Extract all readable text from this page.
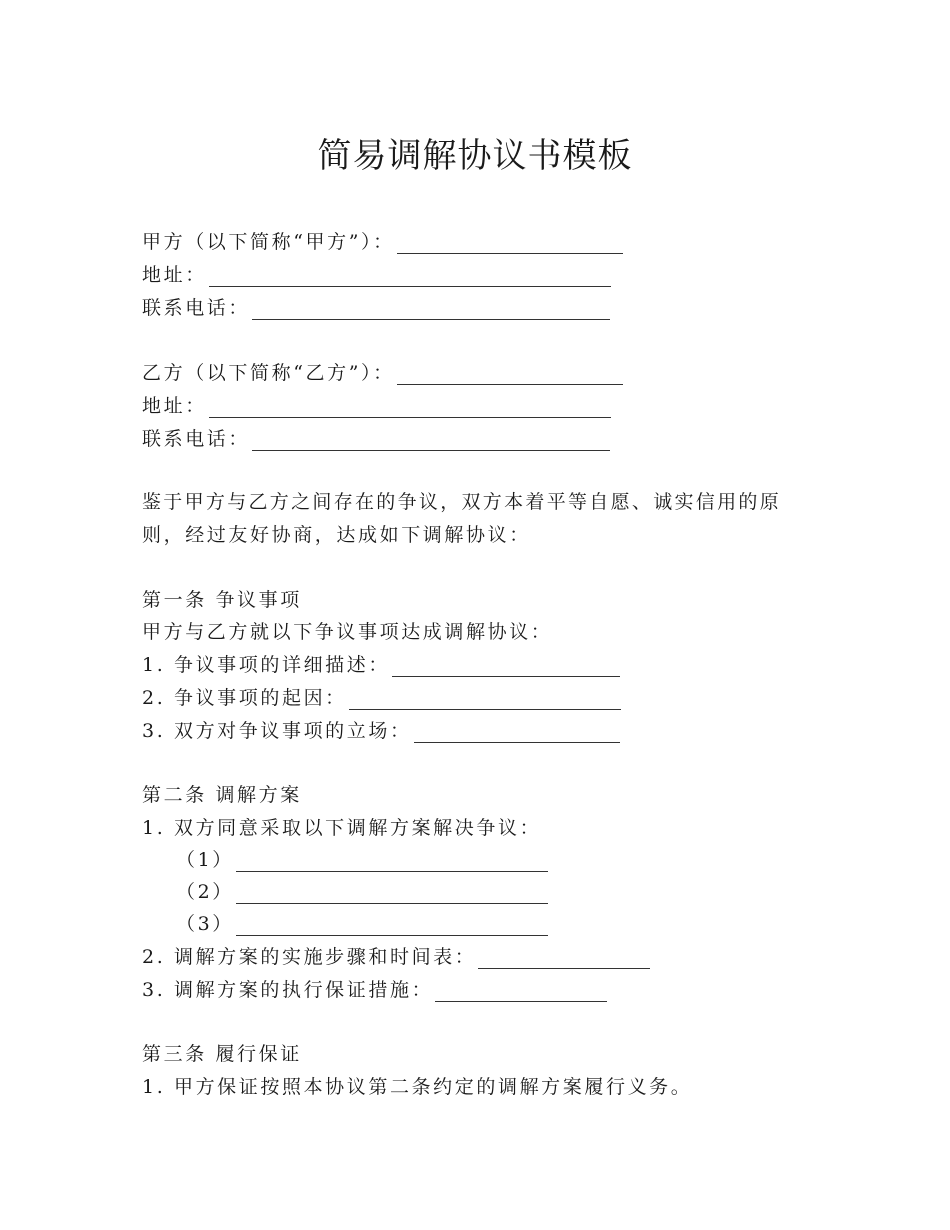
简易调解协议书模板
甲方（以下简称“甲方”）：
地址：
联系电话：
乙方（以下简称“乙方”）：
地址：
联系电话：
鉴于甲方与乙方之间存在的争议，双方本着平等自愿、诚实信用的原
则，经过友好协商，达成如下调解协议：
第一条 争议事项
甲方与乙方就以下争议事项达成调解协议：
1. 争议事项的详细描述：
2. 争议事项的起因：
3. 双方对争议事项的立场：
第二条 调解方案
1. 双方同意采取以下调解方案解决争议：
（1）
（2）
（3）
2. 调解方案的实施步骤和时间表：
3. 调解方案的执行保证措施：
第三条 履行保证
1. 甲方保证按照本协议第二条约定的调解方案履行义务。
